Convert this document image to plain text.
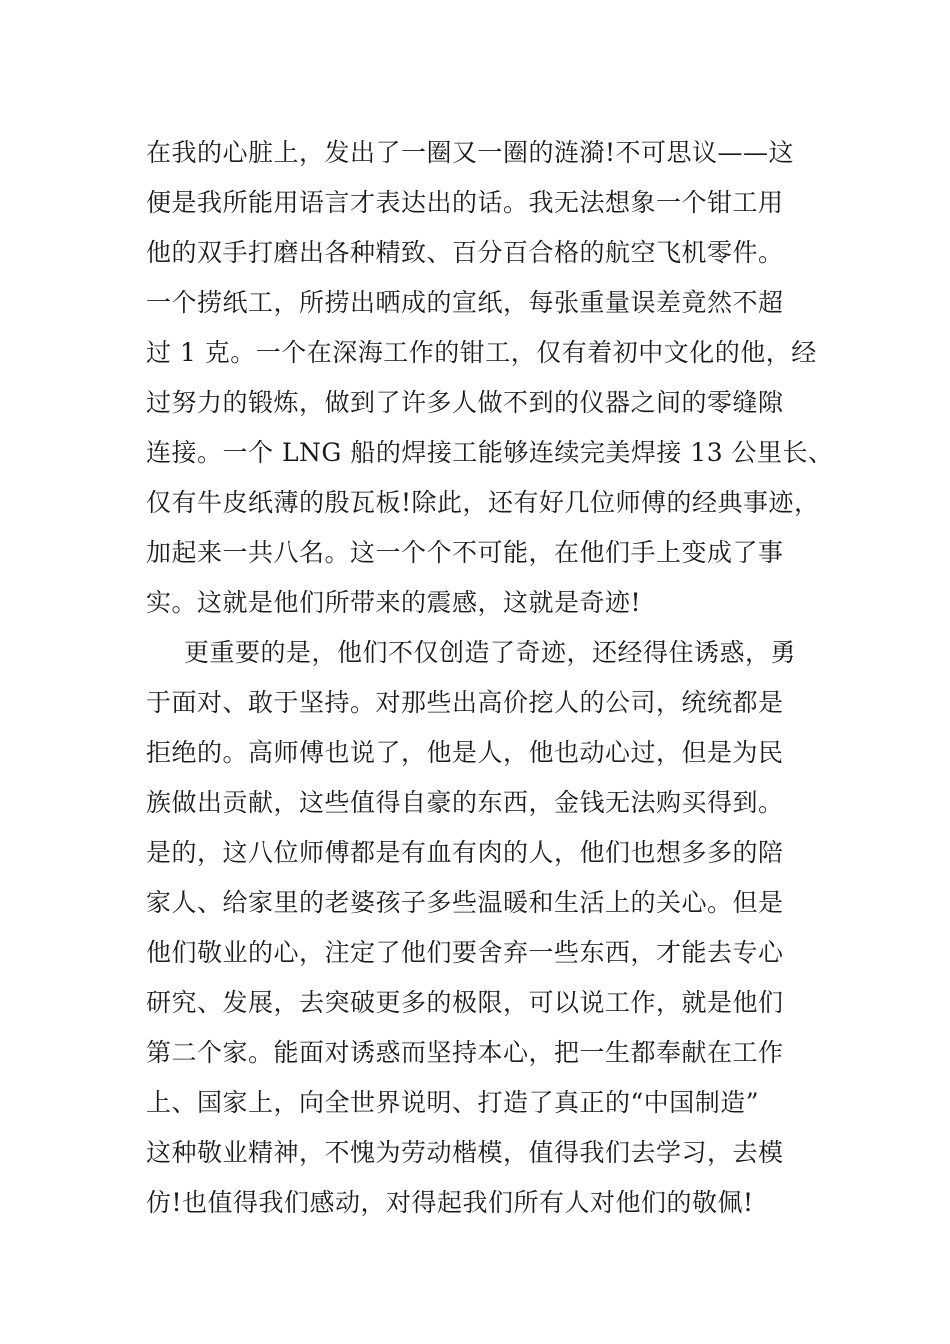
在我的心脏上，发出了一圈又一圈的涟漪!不可思议——这
便是我所能用语言才表达出的话。我无法想象一个钳工用
他的双手打磨出各种精致、百分百合格的航空飞机零件。
一个捞纸工，所捞出晒成的宣纸，每张重量误差竟然不超
过 1 克。一个在深海工作的钳工，仅有着初中文化的他，经
过努力的锻炼，做到了许多人做不到的仪器之间的零缝隙
连接。一个 LNG 船的焊接工能够连续完美焊接 13 公里长、
仅有牛皮纸薄的殷瓦板!除此，还有好几位师傅的经典事迹，
加起来一共八名。这一个个不可能，在他们手上变成了事
实。这就是他们所带来的震感，这就是奇迹!
更重要的是，他们不仅创造了奇迹，还经得住诱惑，勇
于面对、敢于坚持。对那些出高价挖人的公司，统统都是
拒绝的。高师傅也说了，他是人，他也动心过，但是为民
族做出贡献，这些值得自豪的东西，金钱无法购买得到。
是的，这八位师傅都是有血有肉的人，他们也想多多的陪
家人、给家里的老婆孩子多些温暖和生活上的关心。但是
他们敬业的心，注定了他们要舍弃一些东西，才能去专心
研究、发展，去突破更多的极限，可以说工作，就是他们
第二个家。能面对诱惑而坚持本心，把一生都奉献在工作
上、国家上，向全世界说明、打造了真正的“中国制造”
这种敬业精神，不愧为劳动楷模，值得我们去学习，去模
仿!也值得我们感动，对得起我们所有人对他们的敬佩!
